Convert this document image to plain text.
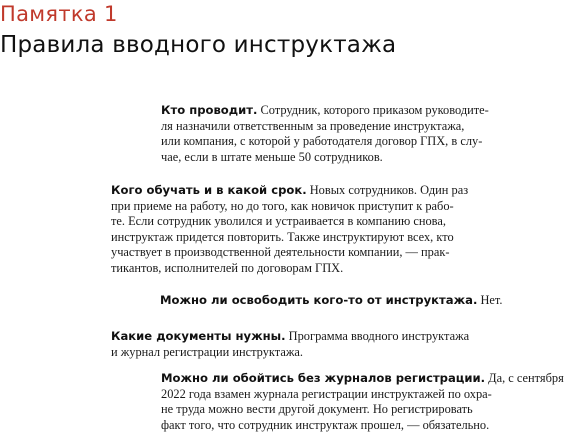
Памятка 1
Правила вводного инструктажа
Кто проводит. Сотрудник, которого приказом руководите-
ля назначили ответственным за проведение инструктажа,
или компания, с которой у работодателя договор ГПХ, в слу-
чае, если в штате меньше 50 сотрудников.
Кого обучать и в какой срок. Новых сотрудников. Один раз
при приеме на работу, но до того, как новичок приступит к рабо-
те. Если сотрудник уволился и устраивается в компанию снова,
инструктаж придется повторить. Также инструктируют всех, кто
участвует в производственной деятельности компании, — прак-
тикантов, исполнителей по договорам ГПХ.
Можно ли освободить кого-то от инструктажа. Нет.
Какие документы нужны. Программа вводного инструктажа
и журнал регистрации инструктажа.
Можно ли обойтись без журналов регистрации. Да, с сентября
2022 года взамен журнала регистрации инструктажей по охра-
не труда можно вести другой документ. Но регистрировать
факт того, что сотрудник инструктаж прошел, — обязательно.
